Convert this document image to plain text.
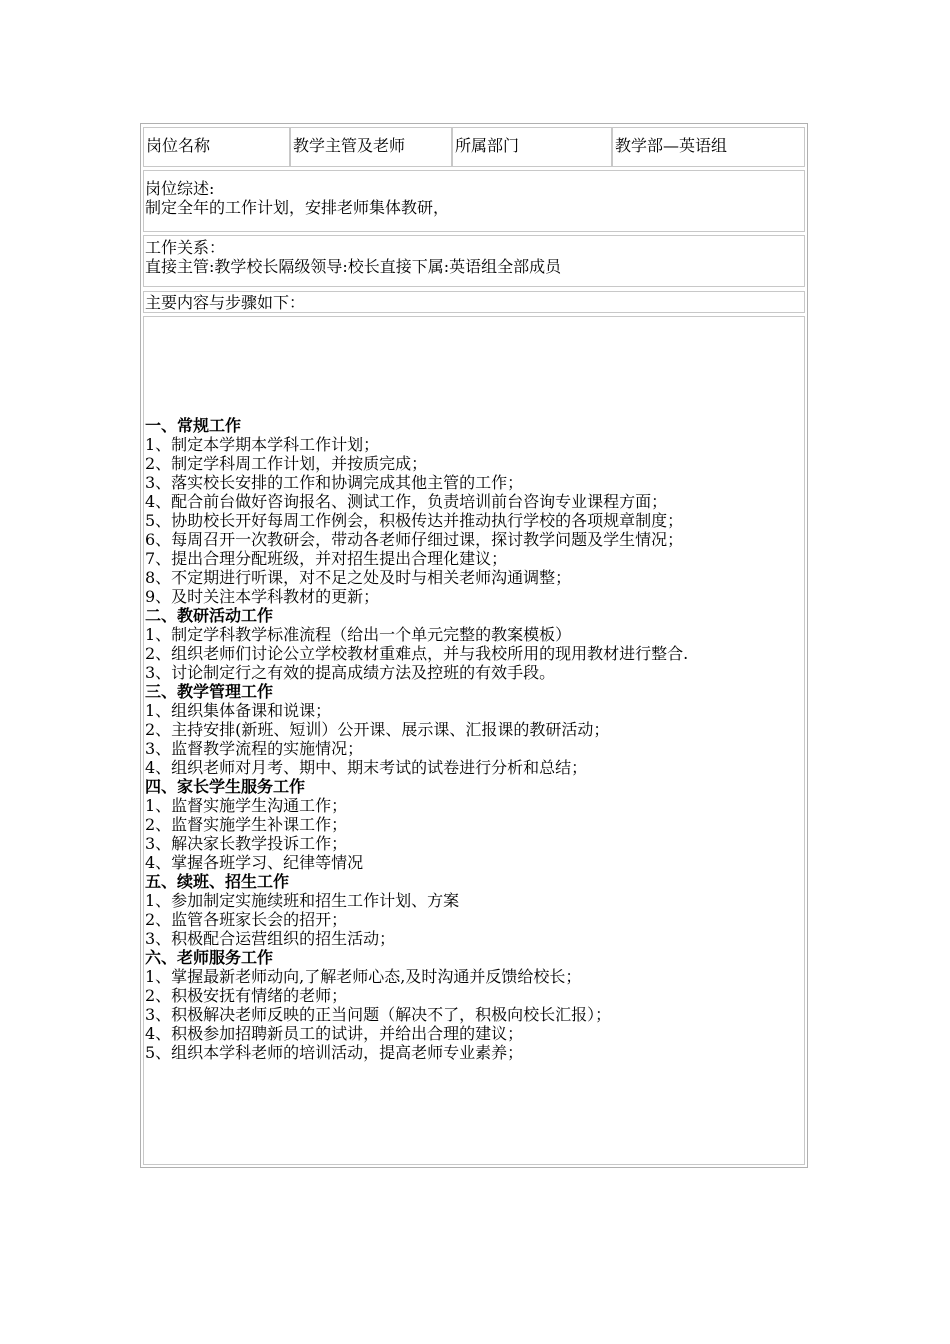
岗位名称	教学主管及老师	所属部门	教学部—英语组
岗位综述:
制定全年的工作计划，安排老师集体教研，
工作关系：
直接主管:教学校长隔级领导:校长直接下属:英语组全部成员
主要内容与步骤如下：
一、常规工作
1、制定本学期本学科工作计划；
2、制定学科周工作计划，并按质完成；
3、落实校长安排的工作和协调完成其他主管的工作；
4、配合前台做好咨询报名、测试工作，负责培训前台咨询专业课程方面；
5、协助校长开好每周工作例会，积极传达并推动执行学校的各项规章制度；
6、每周召开一次教研会，带动各老师仔细过课，探讨教学问题及学生情况；
7、提出合理分配班级，并对招生提出合理化建议；
8、不定期进行听课，对不足之处及时与相关老师沟通调整；
9、及时关注本学科教材的更新；
二、教研活动工作
1、制定学科教学标准流程（给出一个单元完整的教案模板）
2、组织老师们讨论公立学校教材重难点，并与我校所用的现用教材进行整合.
3、讨论制定行之有效的提高成绩方法及控班的有效手段。
三、教学管理工作
1、组织集体备课和说课；
2、主持安排(新班、短训）公开课、展示课、汇报课的教研活动；
3、监督教学流程的实施情况；
4、组织老师对月考、期中、期末考试的试卷进行分析和总结；
四、家长学生服务工作
1、监督实施学生沟通工作；
2、监督实施学生补课工作；
3、解决家长教学投诉工作；
4、掌握各班学习、纪律等情况
五、续班、招生工作
1、参加制定实施续班和招生工作计划、方案
2、监管各班家长会的招开；
3、积极配合运营组织的招生活动；
六、老师服务工作
1、掌握最新老师动向,了解老师心态,及时沟通并反馈给校长；
2、积极安抚有情绪的老师；
3、积极解决老师反映的正当问题（解决不了，积极向校长汇报）；
4、积极参加招聘新员工的试讲，并给出合理的建议；
5、组织本学科老师的培训活动，提高老师专业素养；
